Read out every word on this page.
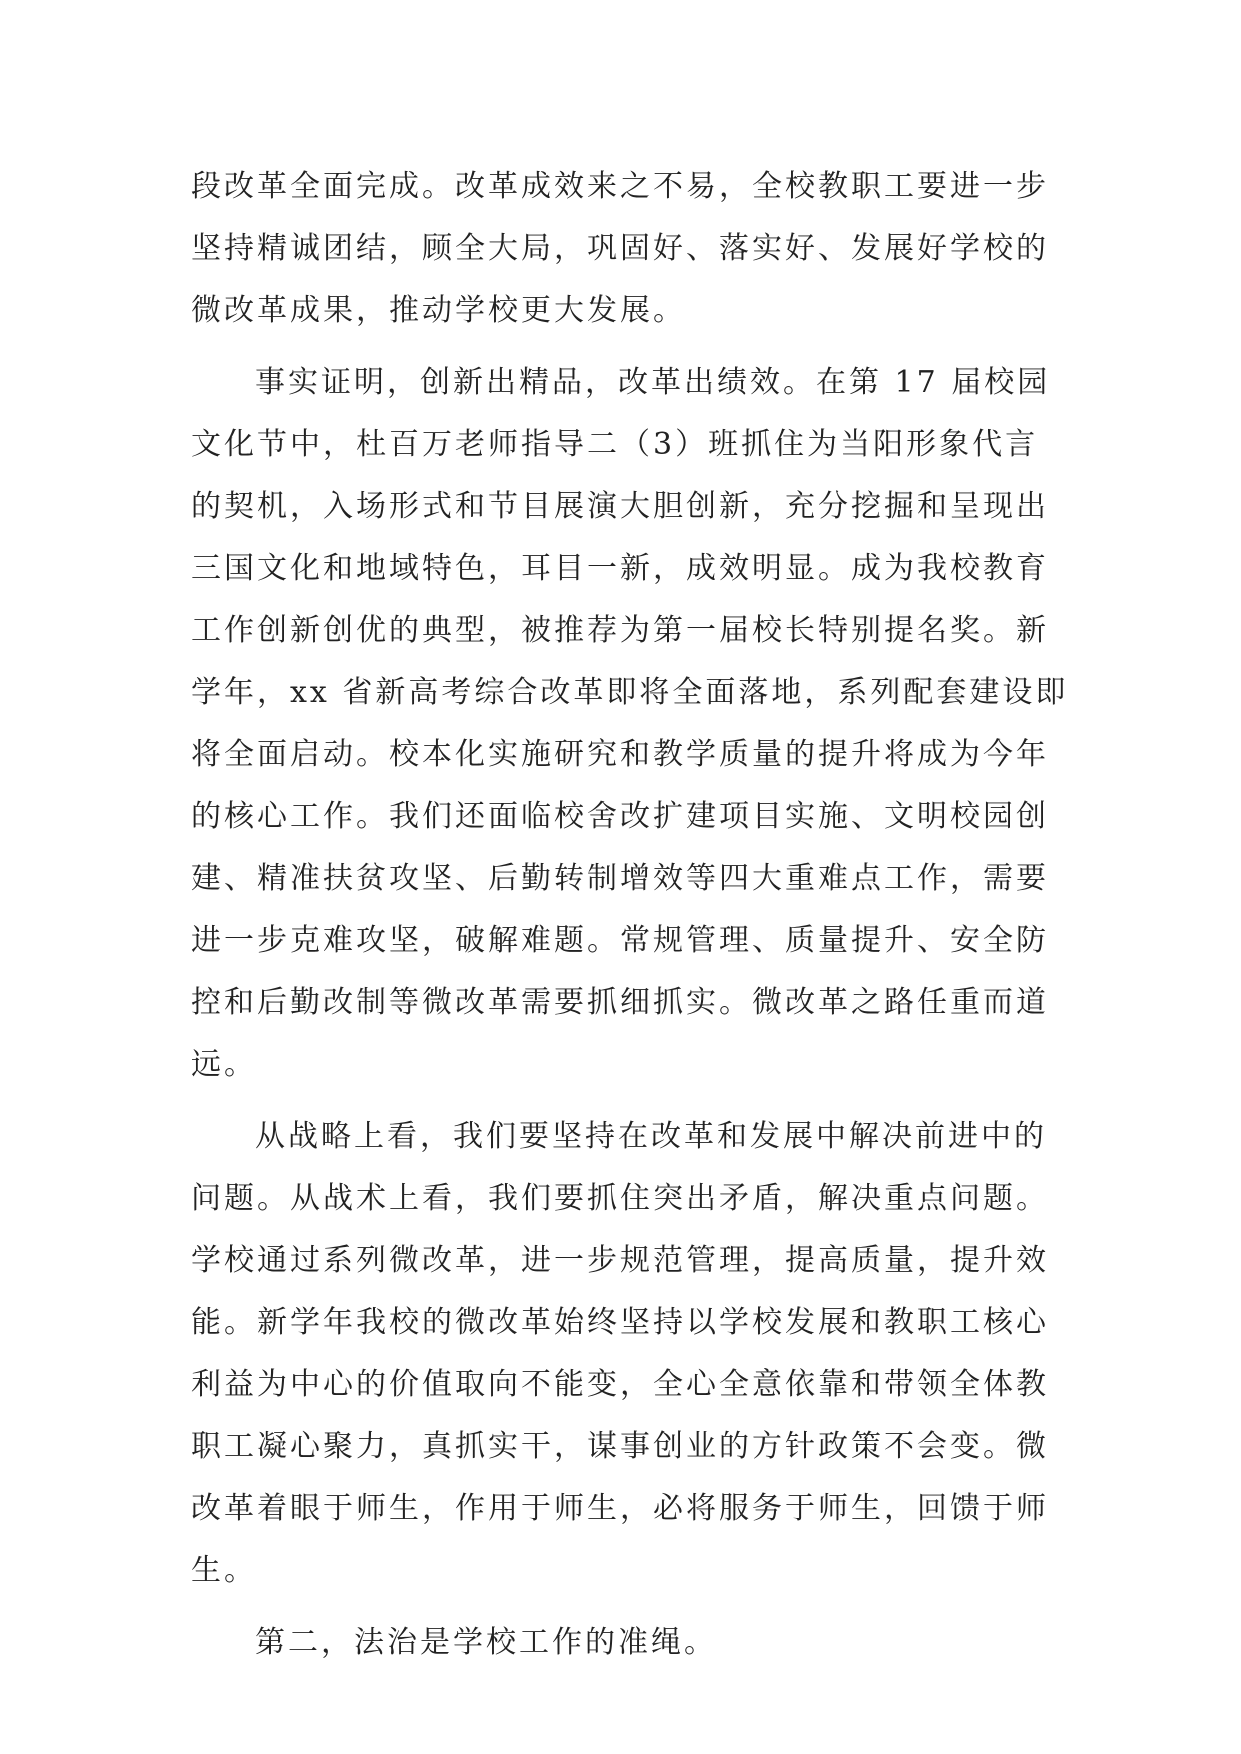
段改革全面完成。改革成效来之不易，全校教职工要进一步
坚持精诚团结，顾全大局，巩固好、落实好、发展好学校的
微改革成果，推动学校更大发展。
事实证明，创新出精品，改革出绩效。在第 17 届校园
文化节中，杜百万老师指导二（3）班抓住为当阳形象代言
的契机，入场形式和节目展演大胆创新，充分挖掘和呈现出
三国文化和地域特色，耳目一新，成效明显。成为我校教育
工作创新创优的典型，被推荐为第一届校长特别提名奖。新
学年，xx 省新高考综合改革即将全面落地，系列配套建设即
将全面启动。校本化实施研究和教学质量的提升将成为今年
的核心工作。我们还面临校舍改扩建项目实施、文明校园创
建、精准扶贫攻坚、后勤转制增效等四大重难点工作，需要
进一步克难攻坚，破解难题。常规管理、质量提升、安全防
控和后勤改制等微改革需要抓细抓实。微改革之路任重而道
远。
从战略上看，我们要坚持在改革和发展中解决前进中的
问题。从战术上看，我们要抓住突出矛盾，解决重点问题。
学校通过系列微改革，进一步规范管理，提高质量，提升效
能。新学年我校的微改革始终坚持以学校发展和教职工核心
利益为中心的价值取向不能变，全心全意依靠和带领全体教
职工凝心聚力，真抓实干，谋事创业的方针政策不会变。微
改革着眼于师生，作用于师生，必将服务于师生，回馈于师
生。
第二，法治是学校工作的准绳。
